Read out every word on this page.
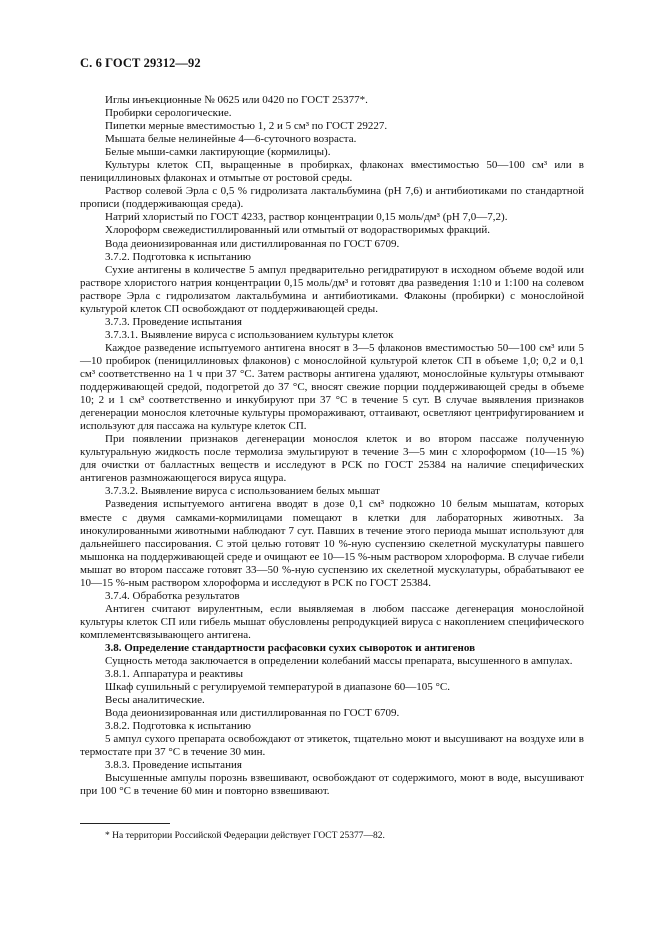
С. 6 ГОСТ 29312—92

Иглы инъекционные № 0625 или 0420 по ГОСТ 25377*.

Пробирки серологические.

Пипетки мерные вместимостью 1, 2 и 5 см³ по ГОСТ 29227.

Мышата белые нелинейные 4—6-суточного возраста.

Белые мыши-самки лактирующие (кормилицы).

Культуры клеток СП, выращенные в пробирках, флаконах вместимостью 50—100 см³ или в пенициллиновых флаконах и отмытые от ростовой среды.

Раствор солевой Эрла с 0,5 % гидролизата лактальбумина (pH 7,6) и антибиотиками по стандартной прописи (поддерживающая среда).

Натрий хлористый по ГОСТ 4233, раствор концентрации 0,15 моль/дм³ (pH 7,0—7,2).

Хлороформ свежедистиллированный или отмытый от водорастворимых фракций.

Вода деионизированная или дистиллированная по ГОСТ 6709.

3.7.2. Подготовка к испытанию

Сухие антигены в количестве 5 ампул предварительно регидратируют в исходном объеме водой или растворе хлористого натрия концентрации 0,15 моль/дм³ и готовят два разведения 1:10 и 1:100 на солевом растворе Эрла с гидролизатом лактальбумина и антибиотиками. Флаконы (пробирки) с монослойной культурой клеток СП освобождают от поддерживающей среды.

3.7.3. Проведение испытания

3.7.3.1. Выявление вируса с использованием культуры клеток

Каждое разведение испытуемого антигена вносят в 3—5 флаконов вместимостью 50—100 см³ или 5—10 пробирок (пенициллиновых флаконов) с монослойной культурой клеток СП в объеме 1,0; 0,2 и 0,1 см³ соответственно на 1 ч при 37 °С. Затем растворы антигена удаляют, монослойные культуры отмывают поддерживающей средой, подогретой до 37 °С, вносят свежие порции поддерживающей среды в объеме 10; 2 и 1 см³ соответственно и инкубируют при 37 °С в течение 5 сут. В случае выявления признаков дегенерации монослоя клеточные культуры промораживают, оттаивают, осветляют центрифугированием и используют для пассажа на культуре клеток СП.

При появлении признаков дегенерации монослоя клеток и во втором пассаже полученную культуральную жидкость после термолиза эмульгируют в течение 3—5 мин с хлороформом (10—15 %) для очистки от балластных веществ и исследуют в РСК по ГОСТ 25384 на наличие специфических антигенов размножающегося вируса ящура.

3.7.3.2. Выявление вируса с использованием белых мышат

Разведения испытуемого антигена вводят в дозе 0,1 см³ подкожно 10 белым мышатам, которых вместе с двумя самками-кормилицами помещают в клетки для лабораторных животных. За инокулированными животными наблюдают 7 сут. Павших в течение этого периода мышат используют для дальнейшего пассирования. С этой целью готовят 10 %-ную суспензию скелетной мускулатуры павшего мышонка на поддерживающей среде и очищают ее 10—15 %-ным раствором хлороформа. В случае гибели мышат во втором пассаже готовят 33—50 %-ную суспензию их скелетной мускулатуры, обрабатывают ее 10—15 %-ным раствором хлороформа и исследуют в РСК по ГОСТ 25384.

3.7.4. Обработка результатов

Антиген считают вирулентным, если выявляемая в любом пассаже дегенерация монослойной культуры клеток СП или гибель мышат обусловлены репродукцией вируса с накоплением специфического комплементсвязывающего антигена.

3.8. Определение стандартности расфасовки сухих сывороток и антигенов

Сущность метода заключается в определении колебаний массы препарата, высушенного в ампулах.

3.8.1. Аппаратура и реактивы

Шкаф сушильный с регулируемой температурой в диапазоне 60—105 °С.

Весы аналитические.

Вода деионизированная или дистиллированная по ГОСТ 6709.

3.8.2. Подготовка к испытанию

5 ампул сухого препарата освобождают от этикеток, тщательно моют и высушивают на воздухе или в термостате при 37 °С в течение 30 мин.

3.8.3. Проведение испытания

Высушенные ампулы порознь взвешивают, освобождают от содержимого, моют в воде, высушивают при 100 °С в течение 60 мин и повторно взвешивают.

* На территории Российской Федерации действует ГОСТ 25377—82.
